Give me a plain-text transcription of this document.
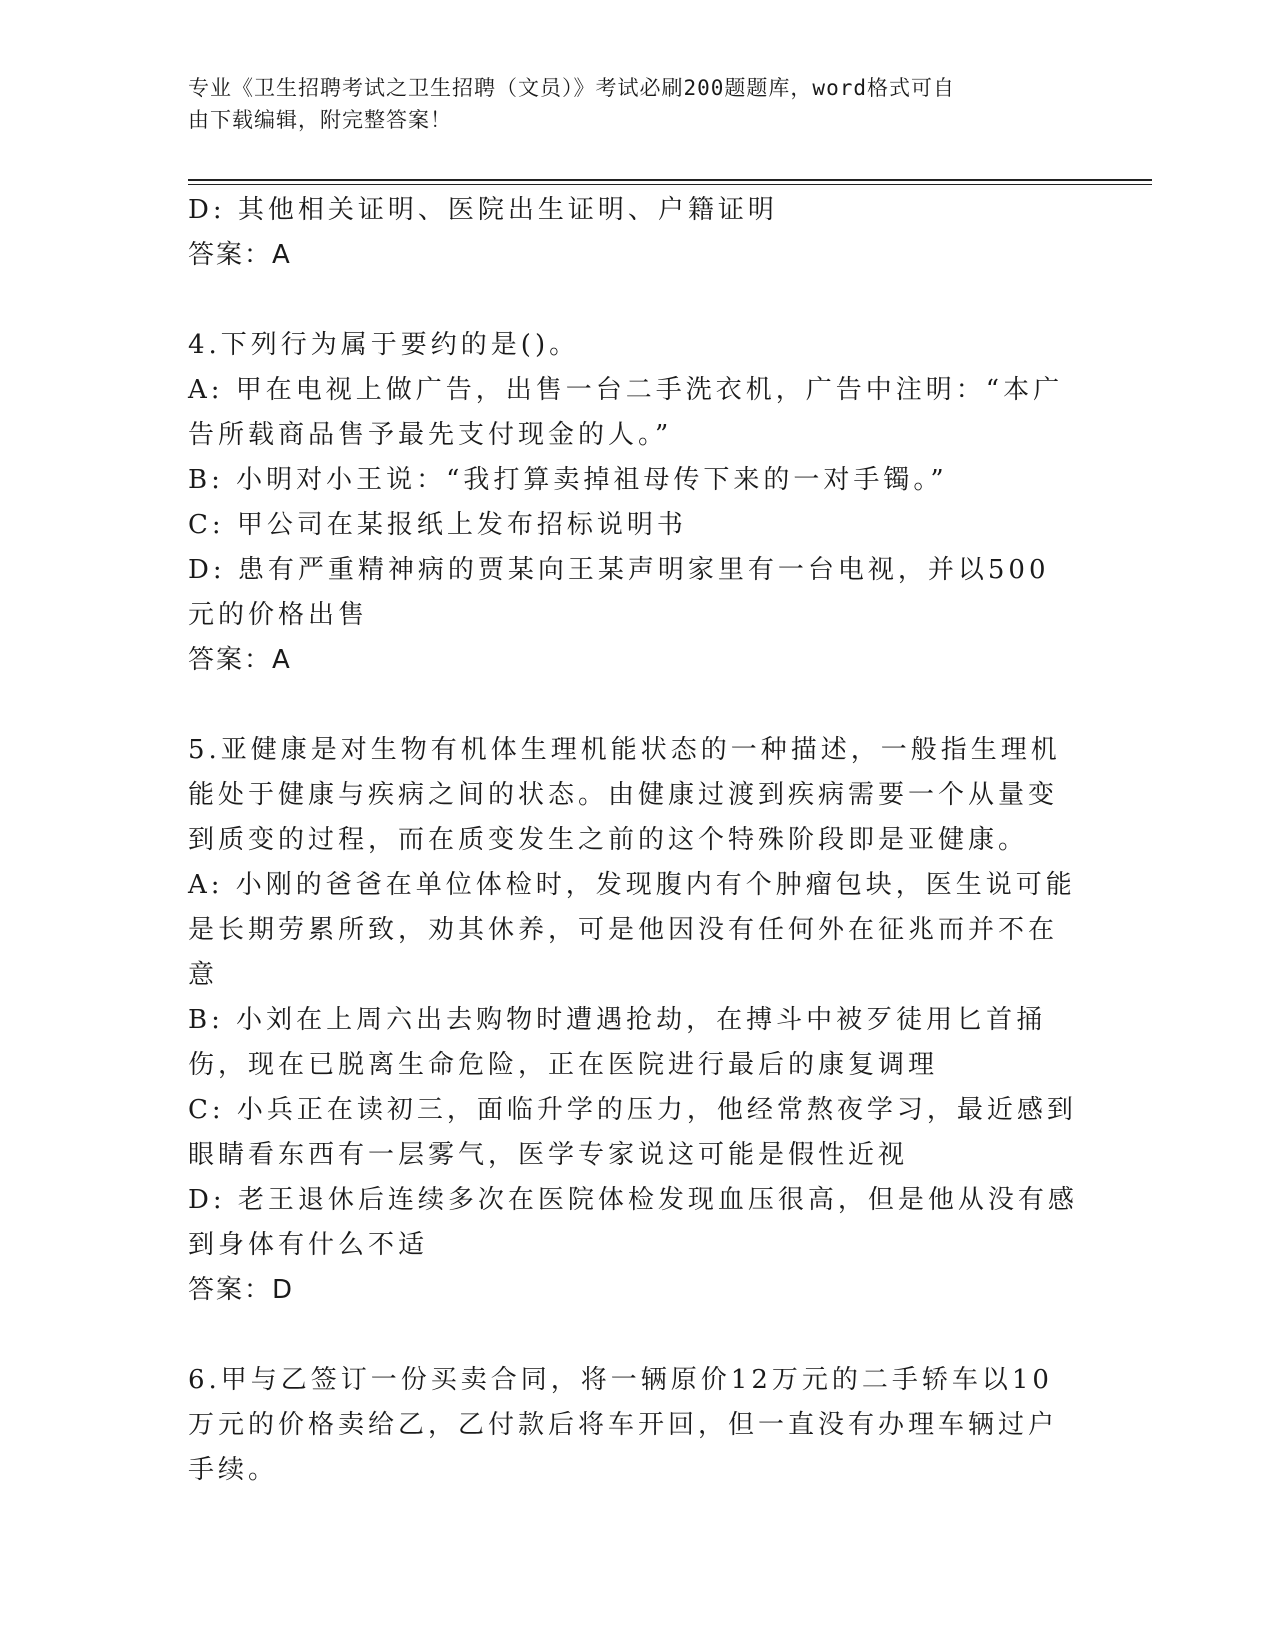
专业《卫生招聘考试之卫生招聘（文员）》考试必刷200题题库，word格式可自
由下载编辑，附完整答案！

D: 其他相关证明、医院出生证明、户籍证明

答案：A

4.下列行为属于要约的是()。

A: 甲在电视上做广告，出售一台二手洗衣机，广告中注明：“本广告所载商品售予最先支付现金的人。”

B: 小明对小王说：“我打算卖掉祖母传下来的一对手镯。”

C: 甲公司在某报纸上发布招标说明书

D: 患有严重精神病的贾某向王某声明家里有一台电视，并以500元的价格出售

答案：A

5.亚健康是对生物有机体生理机能状态的一种描述，一般指生理机能处于健康与疾病之间的状态。由健康过渡到疾病需要一个从量变到质变的过程，而在质变发生之前的这个特殊阶段即是亚健康。

A: 小刚的爸爸在单位体检时，发现腹内有个肿瘤包块，医生说可能是长期劳累所致，劝其休养，可是他因没有任何外在征兆而并不在意

B: 小刘在上周六出去购物时遭遇抢劫，在搏斗中被歹徒用匕首捅伤，现在已脱离生命危险，正在医院进行最后的康复调理

C: 小兵正在读初三，面临升学的压力，他经常熬夜学习，最近感到眼睛看东西有一层雾气，医学专家说这可能是假性近视

D: 老王退休后连续多次在医院体检发现血压很高，但是他从没有感到身体有什么不适

答案：D

6.甲与乙签订一份买卖合同，将一辆原价12万元的二手轿车以10万元的价格卖给乙，乙付款后将车开回，但一直没有办理车辆过户手续。
